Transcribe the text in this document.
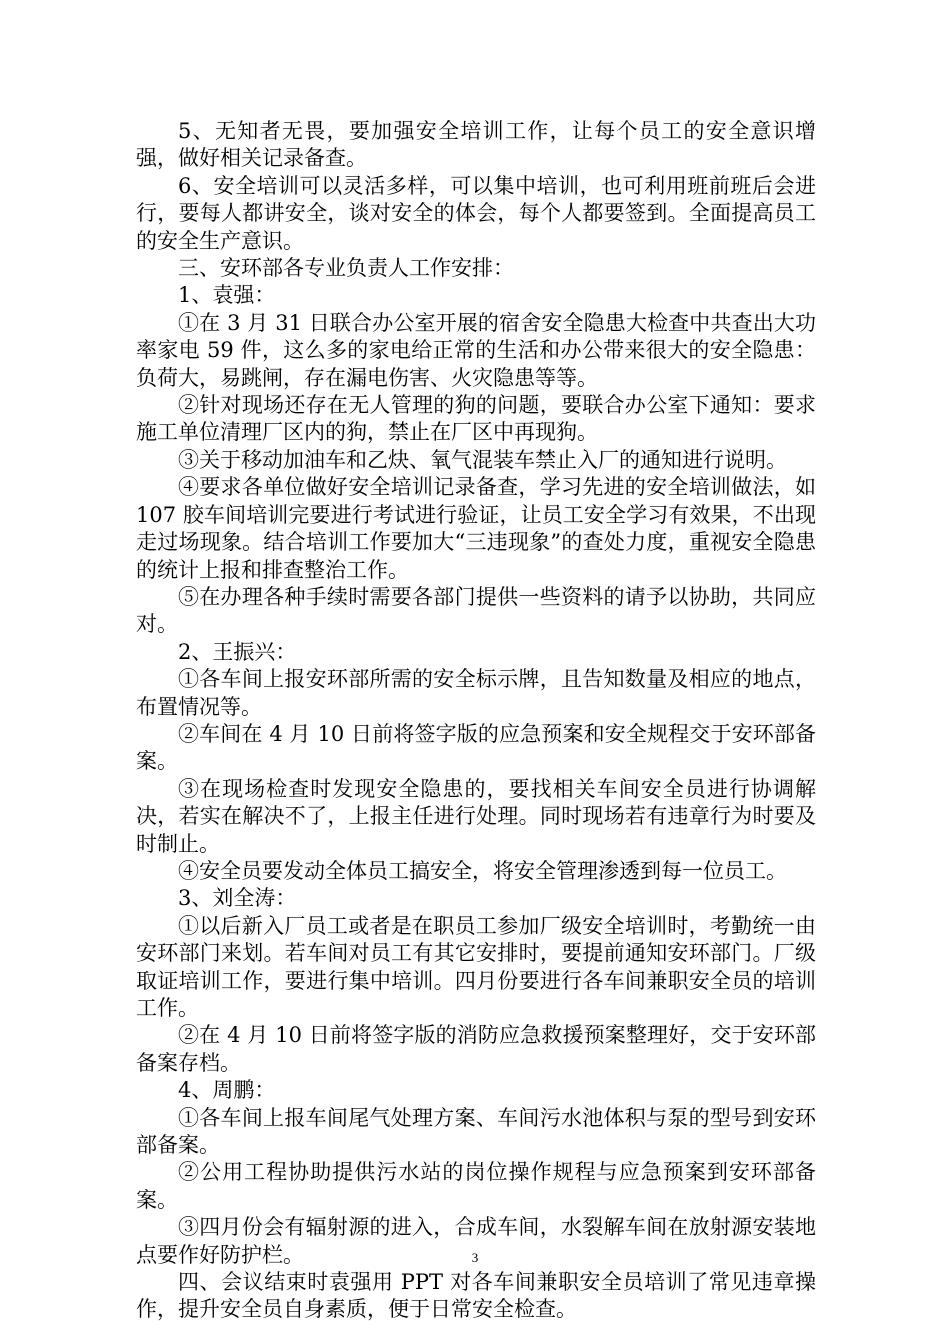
5、无知者无畏，要加强安全培训工作，让每个员工的安全意识增强，做好相关记录备查。

6、安全培训可以灵活多样，可以集中培训，也可利用班前班后会进行，要每人都讲安全，谈对安全的体会，每个人都要签到。全面提高员工的安全生产意识。

三、安环部各专业负责人工作安排：

1、袁强：

①在 3 月 31 日联合办公室开展的宿舍安全隐患大检查中共查出大功率家电 59 件，这么多的家电给正常的生活和办公带来很大的安全隐患：负荷大，易跳闸，存在漏电伤害、火灾隐患等等。

②针对现场还存在无人管理的狗的问题，要联合办公室下通知：要求施工单位清理厂区内的狗，禁止在厂区中再现狗。

③关于移动加油车和乙炔、氧气混装车禁止入厂的通知进行说明。

④要求各单位做好安全培训记录备查，学习先进的安全培训做法，如 107 胶车间培训完要进行考试进行验证，让员工安全学习有效果，不出现走过场现象。结合培训工作要加大“三违现象”的查处力度，重视安全隐患的统计上报和排查整治工作。

⑤在办理各种手续时需要各部门提供一些资料的请予以协助，共同应对。

2、王振兴：

①各车间上报安环部所需的安全标示牌，且告知数量及相应的地点，布置情况等。

②车间在 4 月 10 日前将签字版的应急预案和安全规程交于安环部备案。

③在现场检查时发现安全隐患的，要找相关车间安全员进行协调解决，若实在解决不了，上报主任进行处理。同时现场若有违章行为时要及时制止。

④安全员要发动全体员工搞安全，将安全管理渗透到每一位员工。

3、刘全涛：

①以后新入厂员工或者是在职员工参加厂级安全培训时，考勤统一由安环部门来划。若车间对员工有其它安排时，要提前通知安环部门。厂级取证培训工作，要进行集中培训。四月份要进行各车间兼职安全员的培训工作。

②在 4 月 10 日前将签字版的消防应急救援预案整理好，交于安环部备案存档。

4、周鹏：

①各车间上报车间尾气处理方案、车间污水池体积与泵的型号到安环部备案。

②公用工程协助提供污水站的岗位操作规程与应急预案到安环部备案。

③四月份会有辐射源的进入，合成车间，水裂解车间在放射源安装地点要作好防护栏。

四、会议结束时袁强用 PPT 对各车间兼职安全员培训了常见违章操作，提升安全员自身素质，便于日常安全检查。

3
